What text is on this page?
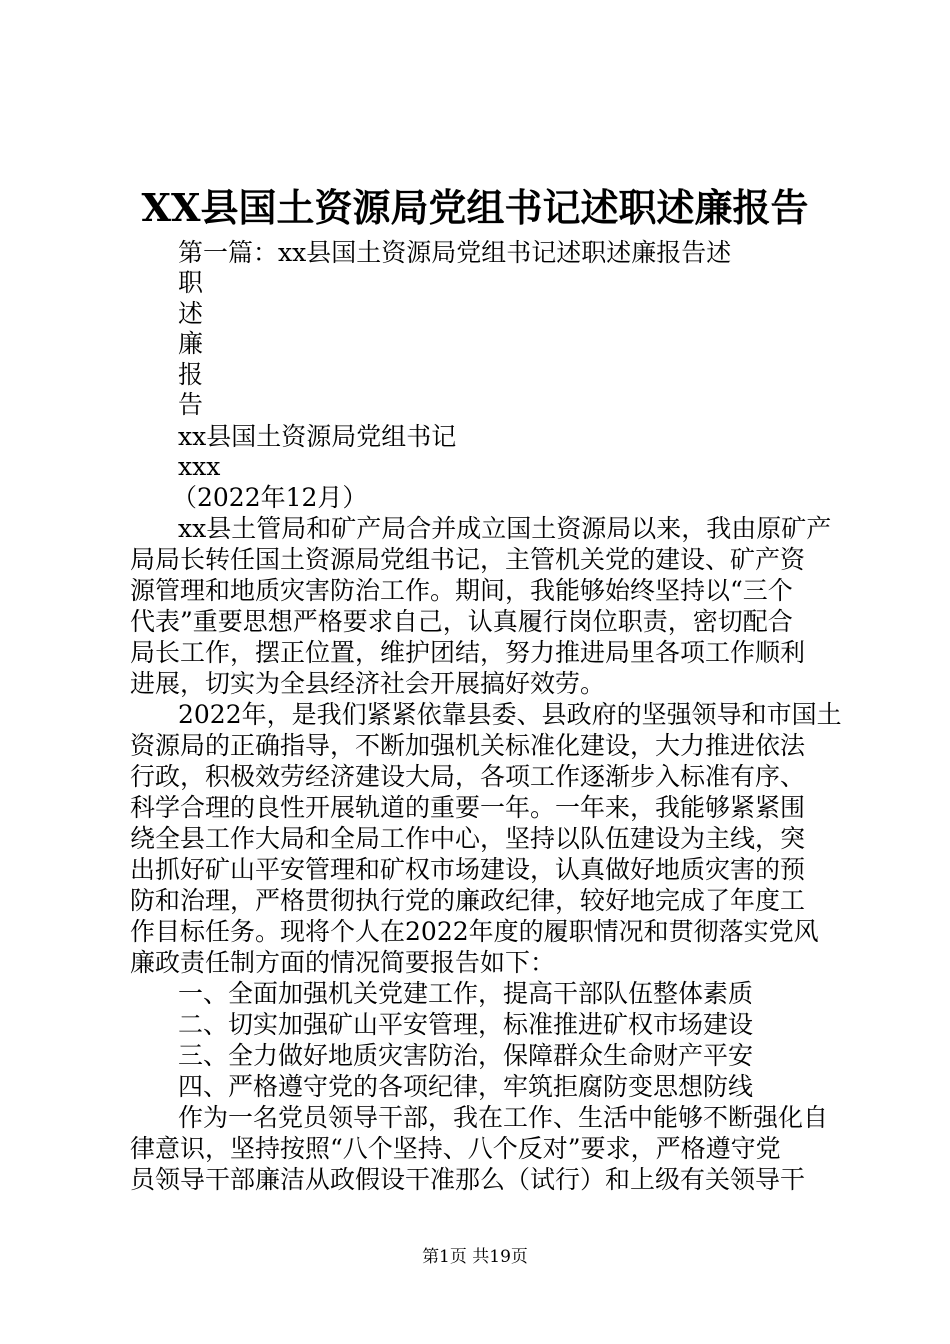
XX县国土资源局党组书记述职述廉报告
第一篇：xx县国土资源局党组书记述职述廉报告述
职
述
廉
报
告
xx县国土资源局党组书记
xxx
（2022年12月）
xx县土管局和矿产局合并成立国土资源局以来，我由原矿产
局局长转任国土资源局党组书记，主管机关党的建设、矿产资
源管理和地质灾害防治工作。期间，我能够始终坚持以“三个
代表”重要思想严格要求自己，认真履行岗位职责，密切配合
局长工作，摆正位置，维护团结，努力推进局里各项工作顺利
进展，切实为全县经济社会开展搞好效劳。
2022年，是我们紧紧依靠县委、县政府的坚强领导和市国土
资源局的正确指导，不断加强机关标准化建设，大力推进依法
行政，积极效劳经济建设大局，各项工作逐渐步入标准有序、
科学合理的良性开展轨道的重要一年。一年来，我能够紧紧围
绕全县工作大局和全局工作中心，坚持以队伍建设为主线，突
出抓好矿山平安管理和矿权市场建设，认真做好地质灾害的预
防和治理，严格贯彻执行党的廉政纪律，较好地完成了年度工
作目标任务。现将个人在2022年度的履职情况和贯彻落实党风
廉政责任制方面的情况简要报告如下：
一、全面加强机关党建工作，提高干部队伍整体素质
二、切实加强矿山平安管理，标准推进矿权市场建设
三、全力做好地质灾害防治，保障群众生命财产平安
四、严格遵守党的各项纪律，牢筑拒腐防变思想防线
作为一名党员领导干部，我在工作、生活中能够不断强化自
律意识，坚持按照“八个坚持、八个反对”要求，严格遵守党
员领导干部廉洁从政假设干准那么（试行）和上级有关领导干
第1页 共19页
